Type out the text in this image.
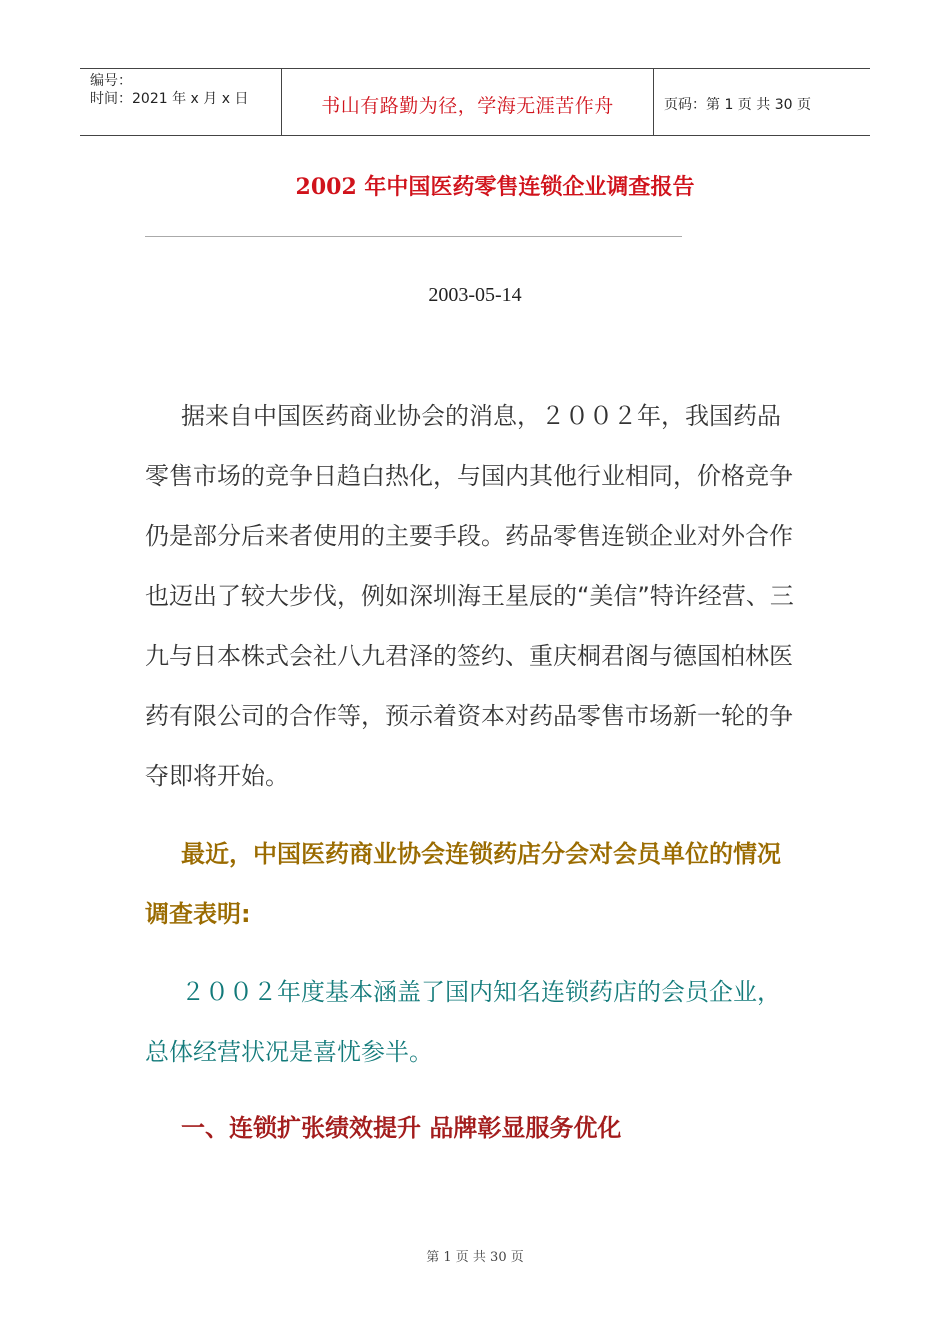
编号：
时间：2021 年 x 月 x 日	书山有路勤为径，学海无涯苦作舟	页码：第 1 页 共 30 页
2002 年中国医药零售连锁企业调查报告
2003-05-14
据来自中国医药商业协会的消息，２００２年，我国药品零售市场的竞争日趋白热化，与国内其他行业相同，价格竞争仍是部分后来者使用的主要手段。药品零售连锁企业对外合作也迈出了较大步伐，例如深圳海王星辰的“美信”特许经营、三九与日本株式会社八九君泽的签约、重庆桐君阁与德国柏林医药有限公司的合作等，预示着资本对药品零售市场新一轮的争夺即将开始。
最近，中国医药商业协会连锁药店分会对会员单位的情况调查表明:
２００２年度基本涵盖了国内知名连锁药店的会员企业，总体经营状况是喜忧参半。
一、连锁扩张绩效提升 品牌彰显服务优化
第 1 页 共 30 页
